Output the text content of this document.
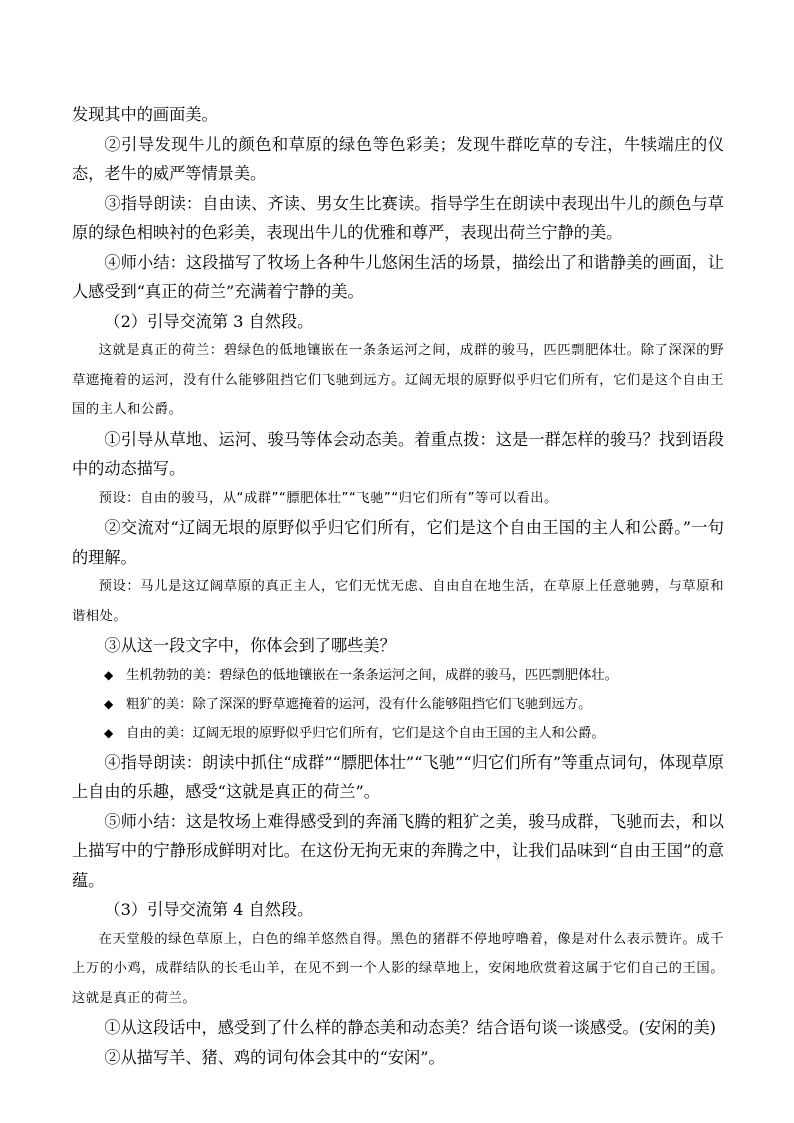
发现其中的画面美。

②引导发现牛儿的颜色和草原的绿色等色彩美；发现牛群吃草的专注，牛犊端庄的仪态，老牛的威严等情景美。

③指导朗读：自由读、齐读、男女生比赛读。指导学生在朗读中表现出牛儿的颜色与草原的绿色相映衬的色彩美，表现出牛儿的优雅和尊严，表现出荷兰宁静的美。

④师小结：这段描写了牧场上各种牛儿悠闲生活的场景，描绘出了和谐静美的画面，让人感受到“真正的荷兰”充满着宁静的美。

（2）引导交流第 3 自然段。

这就是真正的荷兰：碧绿色的低地镶嵌在一条条运河之间，成群的骏马，匹匹剽肥体壮。除了深深的野草遮掩着的运河，没有什么能够阻挡它们飞驰到远方。辽阔无垠的原野似乎归它们所有，它们是这个自由王国的主人和公爵。

①引导从草地、运河、骏马等体会动态美。着重点拨：这是一群怎样的骏马？找到语段中的动态描写。

预设：自由的骏马，从“成群”“膘肥体壮”“飞驰”“归它们所有”等可以看出。

②交流对“辽阔无垠的原野似乎归它们所有，它们是这个自由王国的主人和公爵。”一句的理解。

预设：马儿是这辽阔草原的真正主人，它们无忧无虑、自由自在地生活，在草原上任意驰骋，与草原和谐相处。

③从这一段文字中，你体会到了哪些美？

◆ 生机勃勃的美：碧绿色的低地镶嵌在一条条运河之间，成群的骏马，匹匹剽肥体壮。
◆ 粗犷的美：除了深深的野草遮掩着的运河，没有什么能够阻挡它们飞驰到远方。
◆ 自由的美：辽阔无垠的原野似乎归它们所有，它们是这个自由王国的主人和公爵。

④指导朗读：朗读中抓住“成群”“膘肥体壮”“飞驰”“归它们所有”等重点词句，体现草原上自由的乐趣，感受“这就是真正的荷兰”。

⑤师小结：这是牧场上难得感受到的奔涌飞腾的粗犷之美，骏马成群，飞驰而去，和以上描写中的宁静形成鲜明对比。在这份无拘无束的奔腾之中，让我们品味到“自由王国”的意蕴。

（3）引导交流第 4 自然段。

在天堂般的绿色草原上，白色的绵羊悠然自得。黑色的猪群不停地哼噜着，像是对什么表示赞许。成千上万的小鸡，成群结队的长毛山羊，在见不到一个人影的绿草地上，安闲地欣赏着这属于它们自己的王国。这就是真正的荷兰。

①从这段话中，感受到了什么样的静态美和动态美？结合语句谈一谈感受。(安闲的美)

②从描写羊、猪、鸡的词句体会其中的“安闲”。
